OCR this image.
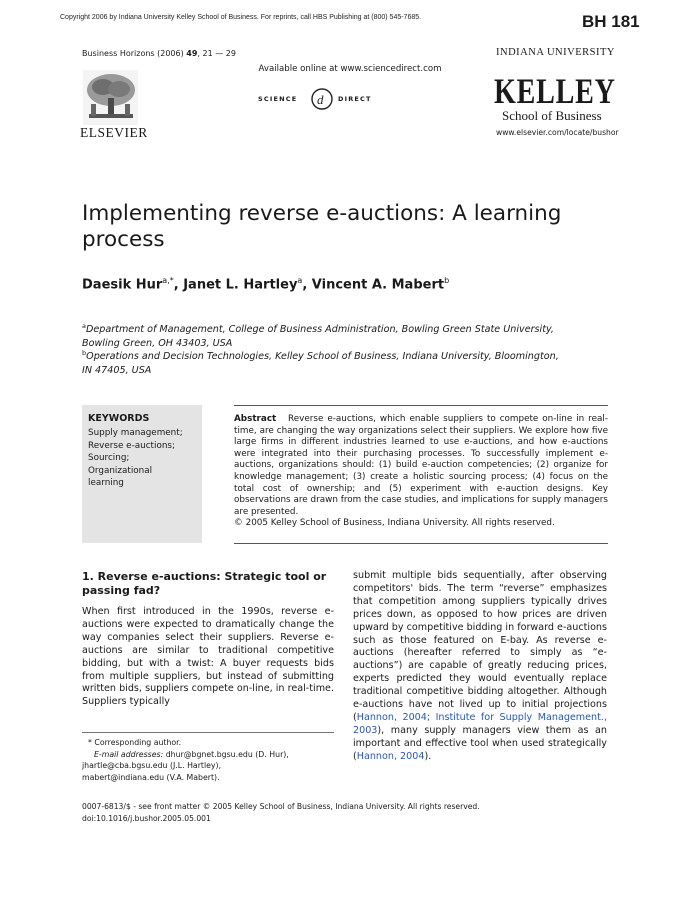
Copyright 2006 by Indiana University Kelley School of Business. For reprints, call HBS Publishing at (800) 545-7685.	BH 181
Business Horizons (2006) 49, 21 — 29
Available online at www.sciencedirect.com
SCIENCE d DIRECT
ELSEVIER
INDIANA UNIVERSITY
KELLEY
School of Business
www.elsevier.com/locate/bushor
Implementing reverse e-auctions: A learning process
Daesik Hur$^{a,*}$, Janet L. Hartley$^a$, Vincent A. Mabert$^b$
$^a$Department of Management, College of Business Administration, Bowling Green State University,
Bowling Green, OH 43403, USA
$^b$Operations and Decision Technologies, Kelley School of Business, Indiana University, Bloomington,
IN 47405, USA
KEYWORDS
Supply management;
Reverse e-auctions;
Sourcing;
Organizational
learning
Abstract Reverse e-auctions, which enable suppliers to compete on-line in real-time, are changing the way organizations select their suppliers. We explore how five large firms in different industries learned to use e-auctions, and how e-auctions were integrated into their purchasing processes. To successfully implement e-auctions, organizations should: (1) build e-auction competencies; (2) organize for knowledge management; (3) create a holistic sourcing process; (4) focus on the total cost of ownership; and (5) experiment with e-auction designs. Key observations are drawn from the case studies, and implications for supply managers are presented.
© 2005 Kelley School of Business, Indiana University. All rights reserved.
1. Reverse e-auctions: Strategic tool or passing fad?
When first introduced in the 1990s, reverse e-auctions were expected to dramatically change the way companies select their suppliers. Reverse e-auctions are similar to traditional competitive bidding, but with a twist: A buyer requests bids from multiple suppliers, but instead of submitting written bids, suppliers compete on-line, in real-time. Suppliers typically
submit multiple bids sequentially, after observing competitors' bids. The term “reverse” emphasizes that competition among suppliers typically drives prices down, as opposed to how prices are driven upward by competitive bidding in forward e-auctions such as those featured on E-bay. As reverse e-auctions (hereafter referred to simply as “e-auctions”) are capable of greatly reducing prices, experts predicted they would eventually replace traditional competitive bidding altogether. Although e-auctions have not lived up to initial projections (Hannon, 2004; Institute for Supply Management., 2003), many supply managers view them as an important and effective tool when used strategically (Hannon, 2004).
* Corresponding author.
E-mail addresses: dhur@bgnet.bgsu.edu (D. Hur),
jhartle@cba.bgsu.edu (J.L. Hartley),
mabert@indiana.edu (V.A. Mabert).
0007-6813/$ - see front matter © 2005 Kelley School of Business, Indiana University. All rights reserved.
doi:10.1016/j.bushor.2005.05.001
